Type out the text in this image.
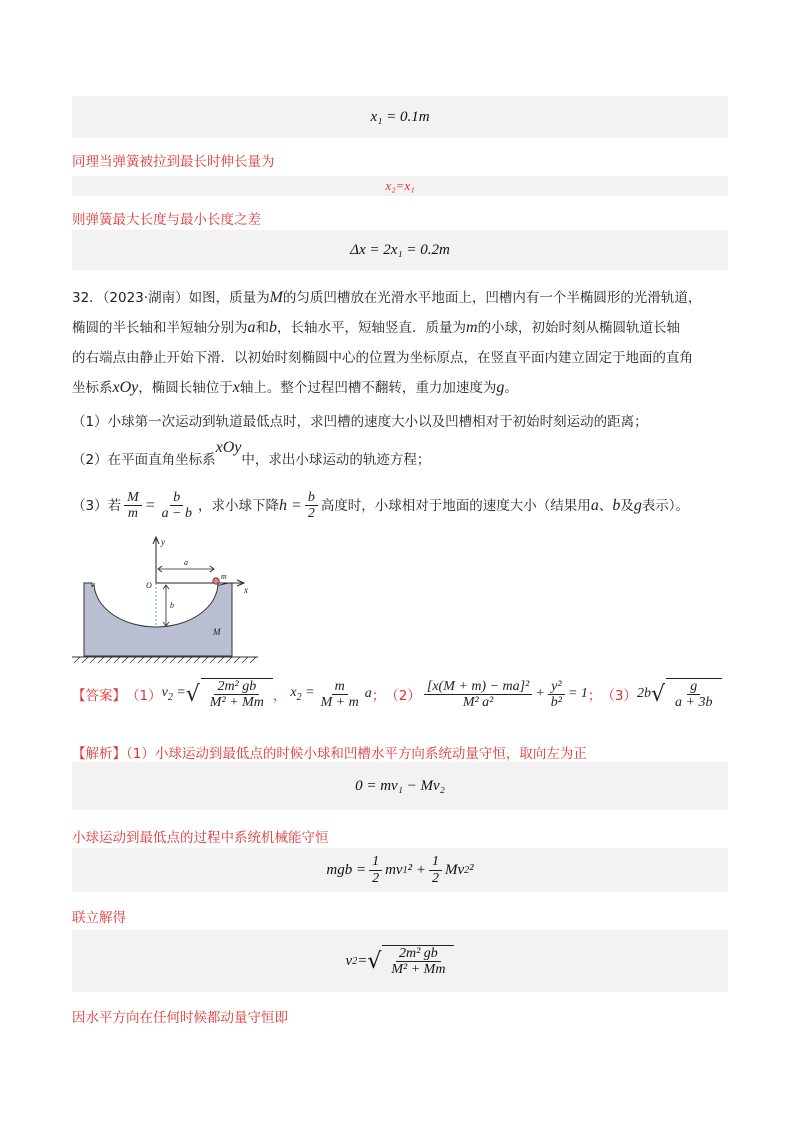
x₁ = 0.1m
同理当弹簧被拉到最长时伸长量为
x₂=x₁
则弹簧最大长度与最小长度之差
Δx = 2x₁ = 0.2m
32．（2023·湖南）如图，质量为M的匀质凹槽放在光滑水平地面上，凹槽内有一个半椭圆形的光滑轨道，
椭圆的半长轴和半短轴分别为a和b，长轴水平，短轴竖直．质量为m的小球，初始时刻从椭圆轨道长轴
的右端点由静止开始下滑．以初始时刻椭圆中心的位置为坐标原点，在竖直平面内建立固定于地面的直角
坐标系xOy，椭圆长轴位于x轴上。整个过程凹槽不翻转，重力加速度为g。
（1）小球第一次运动到轨道最低点时，求凹槽的速度大小以及凹槽相对于初始时刻运动的距离；
（2）在平面直角坐标系xOy中，求出小球运动的轨迹方程；
（3）若 $\frac{M}{m} = \frac{b}{a - b}$ ，求小球下降$h = \frac{b}{2}$ 高度时，小球相对于地面的速度大小（结果用a、b及g表示）。
y
x
a
b
O
m
M
【答案】 （1） $v_2$ = √ $\frac{\text{2m² gb}}{\text{M² + Mm}}$ ， $x_2 = \frac{m}{M + m}$ a ； $(2) \frac{\text{[x(M + m) − ma]²}}{\text{M² a²}} + \frac{\text{y²}}{\text{b²}} = 1$ ； （3） 2b √ $\frac{g}{a + 3b}$
【解析】（1）小球运动到最低点的时候小球和凹槽水平方向系统动量守恒，取向左为正
0 = mv₁ − Mv₂
小球运动到最低点的过程中系统机械能守恒
mgb = $\frac{1}{2}$ mv 1 $^2 + \frac{1}{2}$ Mv 2 ²
联立解得
v 2 = √ $\frac{\text{2m² gb}}{\text{M² + Mm}}$
因水平方向在任何时候都动量守恒即
